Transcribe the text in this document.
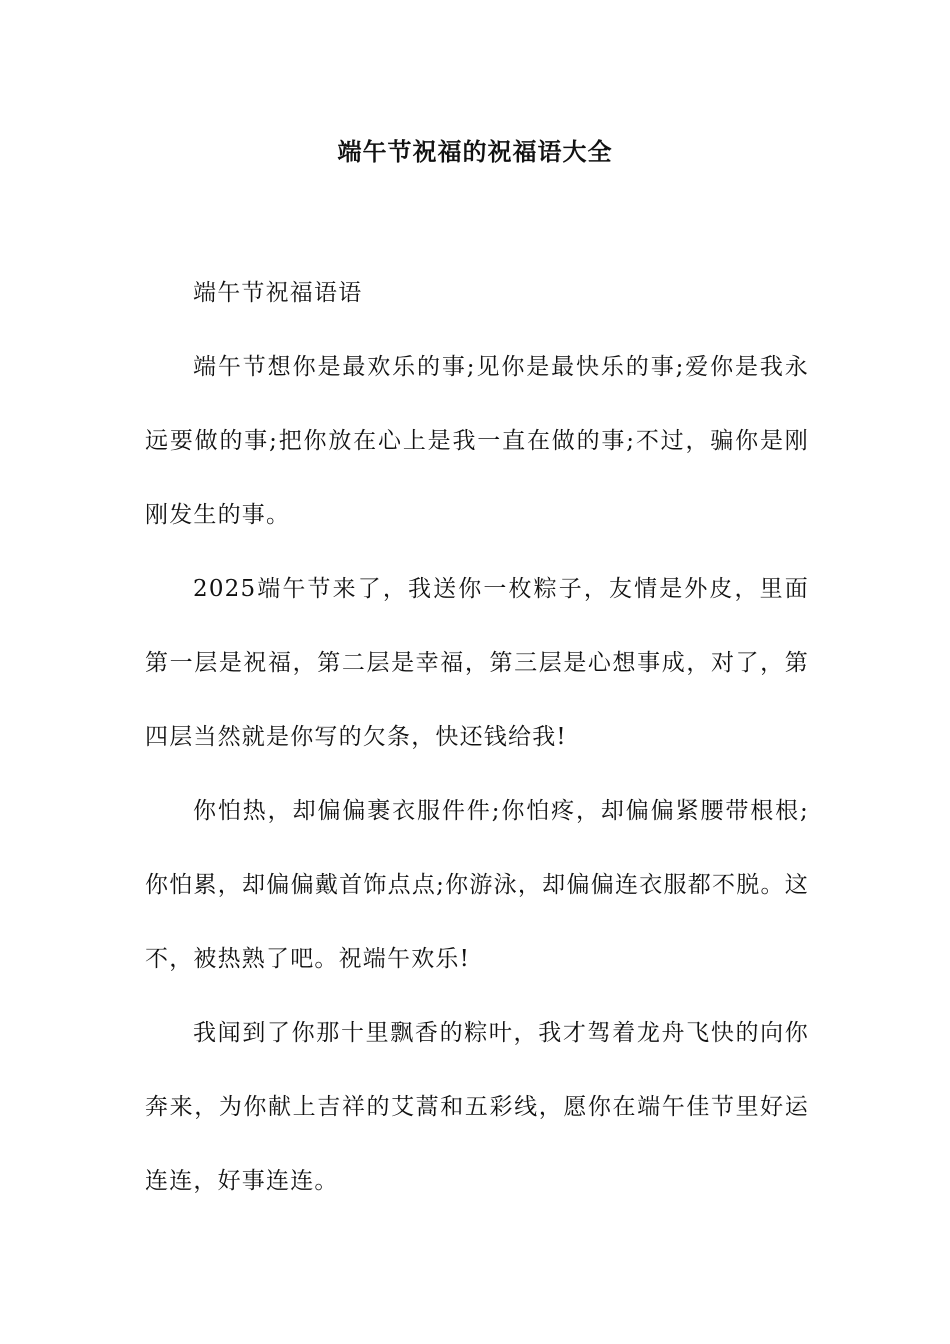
端午节祝福的祝福语大全

端午节祝福语语

端午节想你是最欢乐的事;见你是最快乐的事;爱你是我永远要做的事;把你放在心上是我一直在做的事;不过，骗你是刚刚发生的事。

2025端午节来了，我送你一枚粽子，友情是外皮，里面第一层是祝福，第二层是幸福，第三层是心想事成，对了，第四层当然就是你写的欠条，快还钱给我!

你怕热，却偏偏裹衣服件件;你怕疼，却偏偏紧腰带根根;你怕累，却偏偏戴首饰点点;你游泳，却偏偏连衣服都不脱。这不，被热熟了吧。祝端午欢乐!

我闻到了你那十里飘香的粽叶，我才驾着龙舟飞快的向你奔来，为你献上吉祥的艾蒿和五彩线，愿你在端午佳节里好运连连，好事连连。
